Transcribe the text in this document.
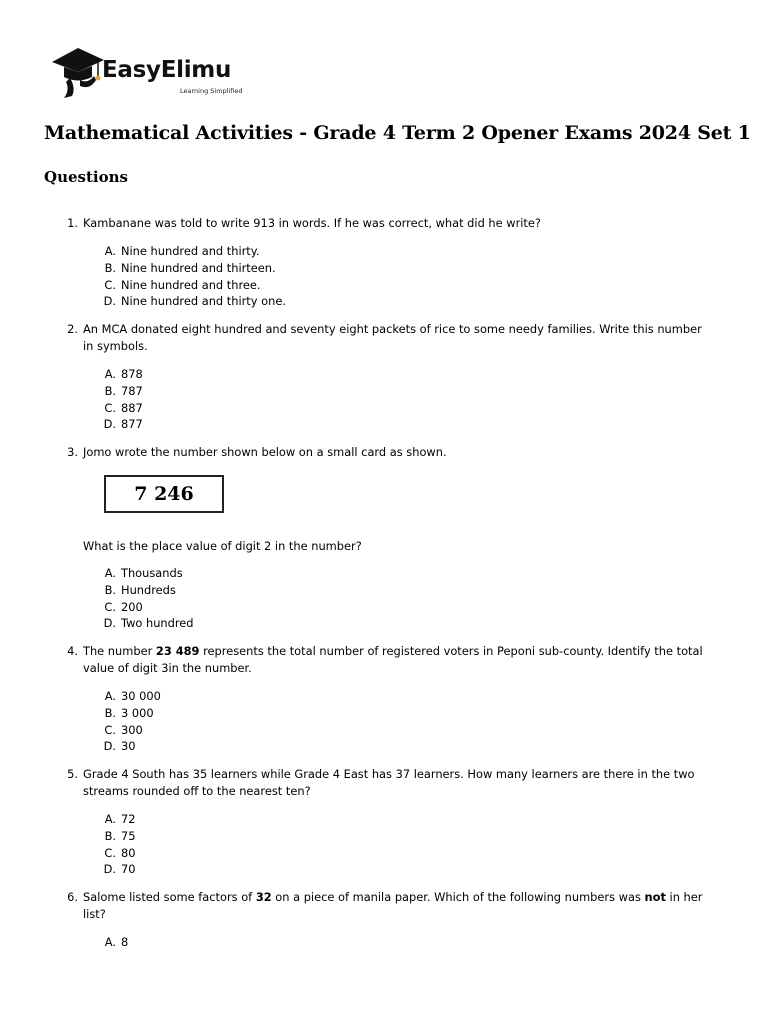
EasyElimu
Learning Simplified
Mathematical Activities - Grade 4 Term 2 Opener Exams 2024 Set 1
Questions
1. Kambanane was told to write 913 in words. If he was correct, what did he write?
A. Nine hundred and thirty.
B. Nine hundred and thirteen.
C. Nine hundred and three.
D. Nine hundred and thirty one.
2. An MCA donated eight hundred and seventy eight packets of rice to some needy families. Write this number
in symbols.
A. 878
B. 787
C. 887
D. 877
3. Jomo wrote the number shown below on a small card as shown.
7 246
What is the place value of digit 2 in the number?
A. Thousands
B. Hundreds
C. 200
D. Two hundred
4. The number 23 489 represents the total number of registered voters in Peponi sub-county. Identify the total
value of digit 3in the number.
A. 30 000
B. 3 000
C. 300
D. 30
5. Grade 4 South has 35 learners while Grade 4 East has 37 learners. How many learners are there in the two
streams rounded off to the nearest ten?
A. 72
B. 75
C. 80
D. 70
6. Salome listed some factors of 32 on a piece of manila paper. Which of the following numbers was not in her
list?
A. 8
